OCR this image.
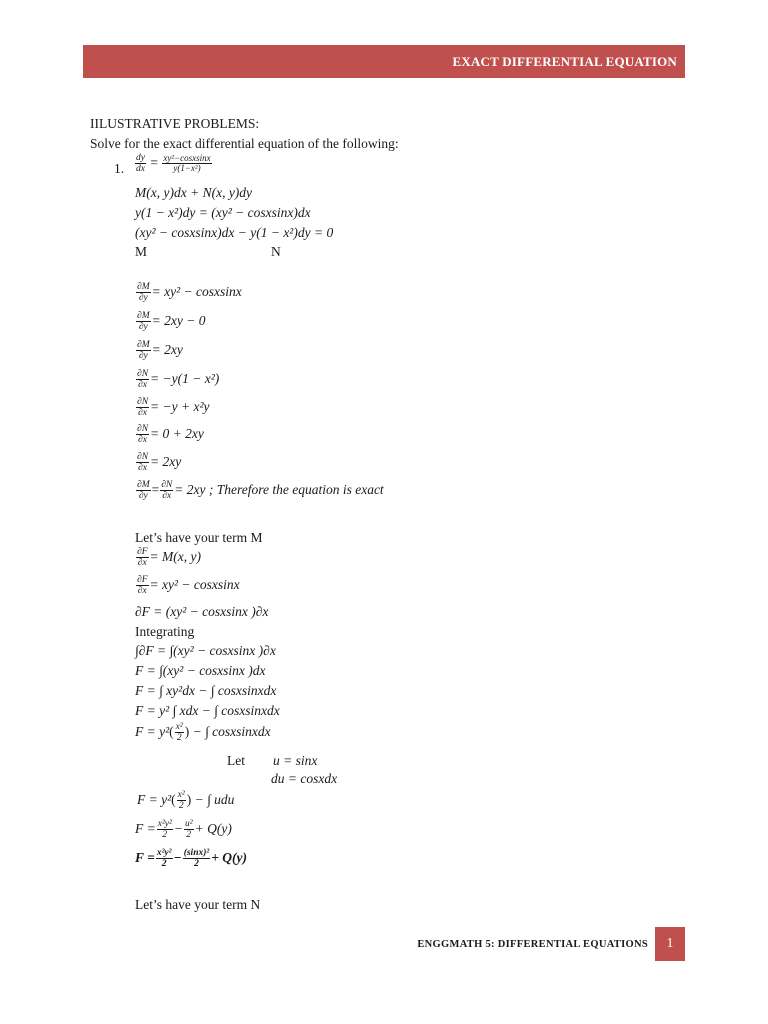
EXACT DIFFERENTIAL EQUATION
IILUSTRATIVE PROBLEMS:
Solve for the exact differential equation of the following:
1. $\frac{dy}{dx} = \frac{\text{xy²−cosxsinx}}{\text{y(1−x²)}}$
M(x, y)dx + N(x, y)dy
y(1 − x²)dy = (xy² − cosxsinx)dx
(xy² − cosxsinx)dx − y(1 − x²)dy = 0
M	N
$\frac{\partial M}{\partial y} = xy^2$ − cosxsinx
$\frac{\partial M}{\partial y} = 2xy - 0$
$\frac{\partial M}{\partial y} = 2xy$
$\frac{\partial N}{\partial x} = -y(1 - x^2)$
$\frac{\partial N}{\partial x} = -y + x^2y$
$\frac{\partial N}{\partial x} = 0 + 2xy$
$\frac{\partial N}{\partial x} = 2xy$
$\frac{\partial M}{\partial y} = \frac{\partial N}{\partial x} = 2xy$ ; Therefore the equation is exact
Let’s have your term M
$\frac{\partial F}{\partial x} = M(x$, y)
$\frac{\partial F}{\partial x} = xy^2$ − cosxsinx
∂F = (xy² − cosxsinx )∂x
Integrating
∫∂F = ∫(xy² − cosxsinx )∂x
F = ∫(xy² − cosxsinx )dx
F = ∫ xy²dx − ∫ cosxsinxdx
F = y² ∫ xdx − ∫ cosxsinxdx
$F = y^2( \frac{\text{x²}}{2}$ ) − ∫ cosxsinxdx
Let u = sinx
du = cosxdx
$F = y^2( \frac{\text{x²}}{2}$ ) − ∫ udu
$F = \frac{\text{x²y²}}{2} - \frac{\text{u²}}{2} + Q(y)$
$F = \frac{\text{x²y²}}{2} - \frac{\text{(sinx)²}}{2} + Q(y)$
Let’s have your term N
ENGGMATH 5: DIFFERENTIAL EQUATIONS	1
